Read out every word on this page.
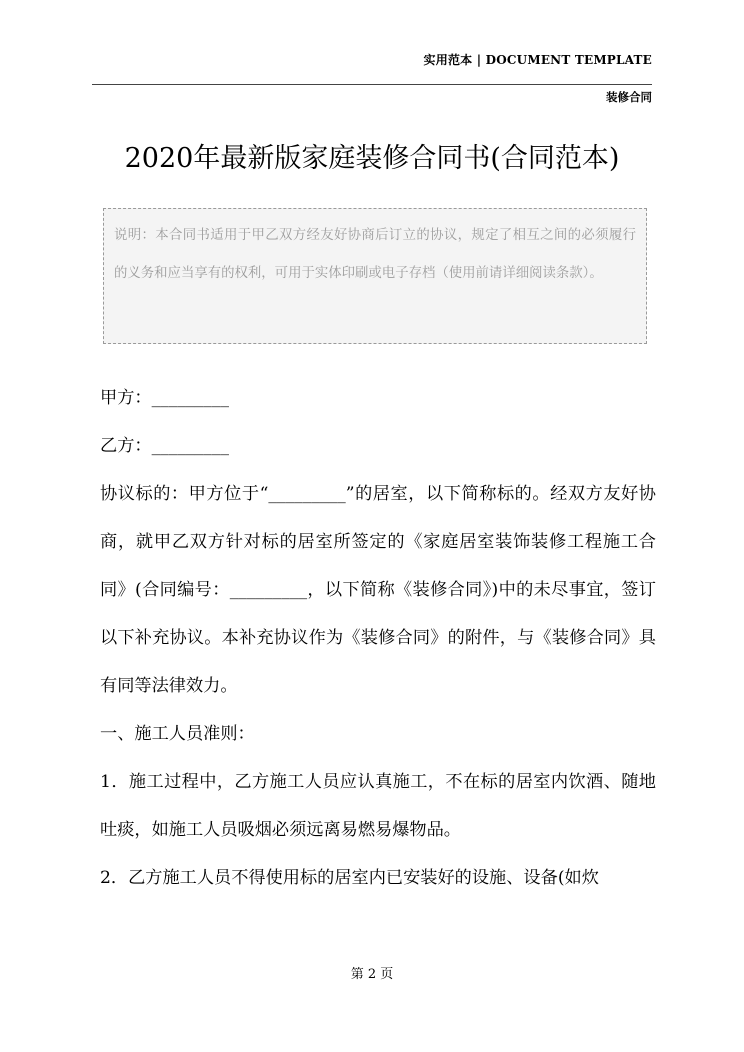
实用范本 | DOCUMENT TEMPLATE
装修合同
2020年最新版家庭装修合同书(合同范本)

说明：本合同书适用于甲乙双方经友好协商后订立的协议，规定了相互之间的必须履行的义务和应当享有的权利，可用于实体印刷或电子存档（使用前请详细阅读条款）。

甲方：_________

乙方：_________

协议标的：甲方位于“_________”的居室，以下简称标的。经双方友好协商，就甲乙双方针对标的居室所签定的《家庭居室装饰装修工程施工合同》(合同编号：_________，以下简称《装修合同》)中的未尽事宜，签订以下补充协议。本补充协议作为《装修合同》的附件，与《装修合同》具有同等法律效力。

一、施工人员准则：

1．施工过程中，乙方施工人员应认真施工，不在标的居室内饮酒、随地吐痰，如施工人员吸烟必须远离易燃易爆物品。

2．乙方施工人员不得使用标的居室内已安装好的设施、设备(如炊

第 2 页
